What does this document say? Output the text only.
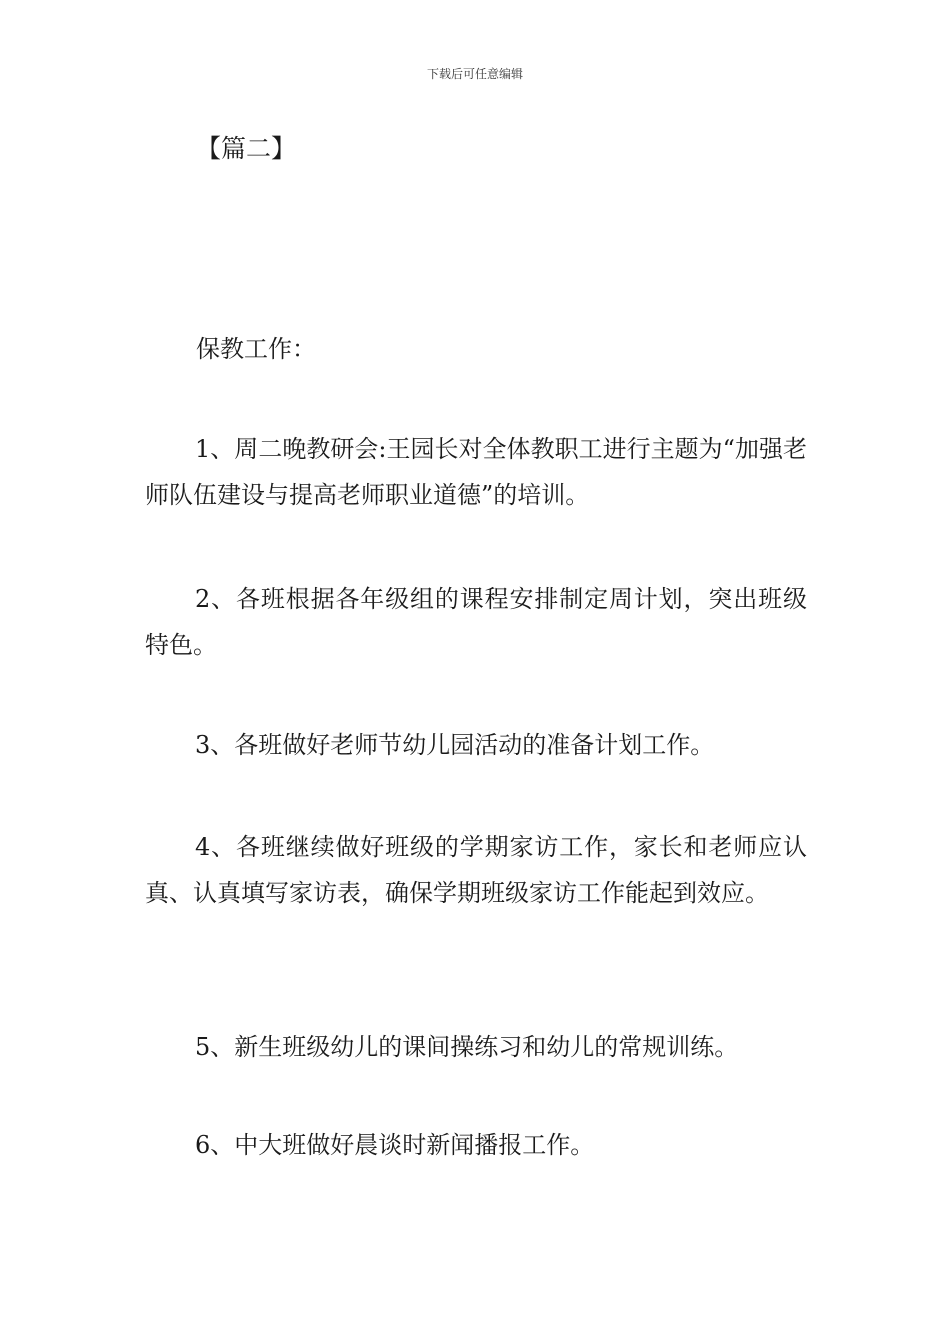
下载后可任意编辑
【篇二】

保教工作：

1、周二晚教研会:王园长对全体教职工进行主题为“加强老师队伍建设与提高老师职业道德”的培训。

2、各班根据各年级组的课程安排制定周计划，突出班级特色。

3、各班做好老师节幼儿园活动的准备计划工作。

4、各班继续做好班级的学期家访工作，家长和老师应认真、认真填写家访表，确保学期班级家访工作能起到效应。

5、新生班级幼儿的课间操练习和幼儿的常规训练。

6、中大班做好晨谈时新闻播报工作。
